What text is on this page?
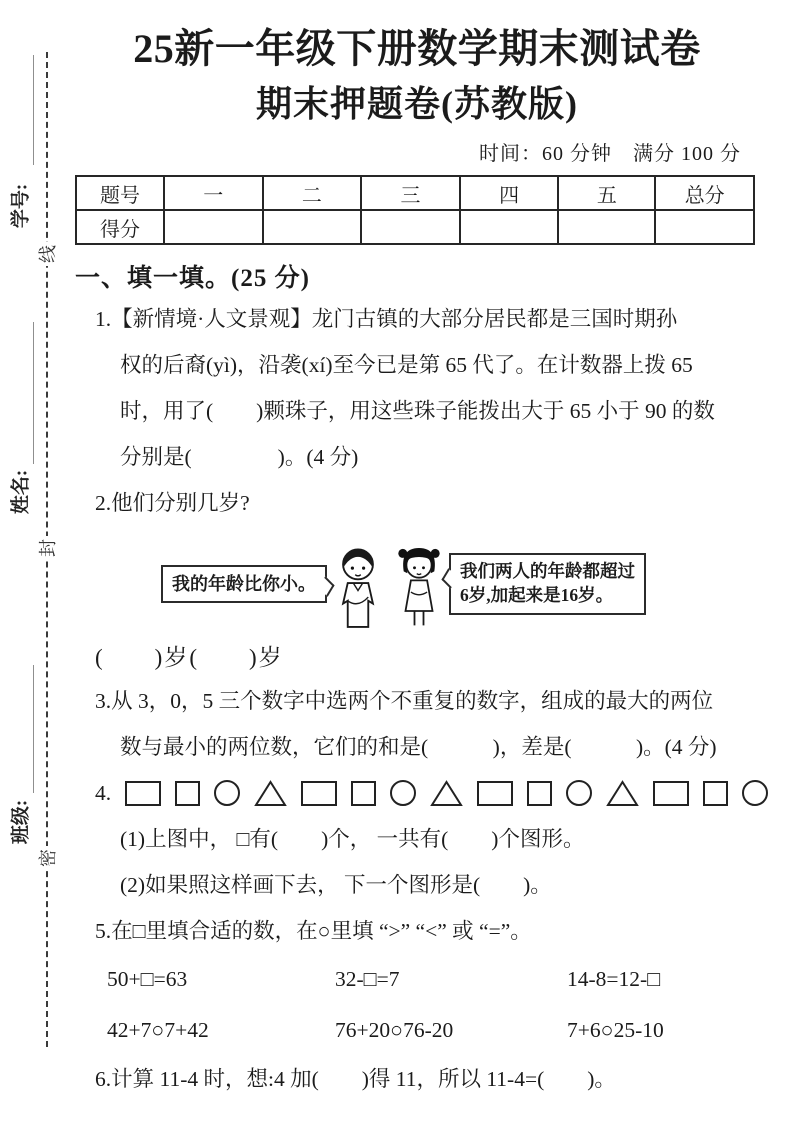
学号:
姓名:
班级:
线
封
密
25新一年级下册数学期末测试卷
期末押题卷(苏教版)
时间：60 分钟　满分 100 分
题号	一	二	三	四	五	总分
得分						
一、填一填。(25 分)

1.【新情境·人文景观】龙门古镇的大部分居民都是三国时期孙

权的后裔(yì)，沿袭(xí)至今已是第 65 代了。在计数器上拨 65

时，用了(　　)颗珠子，用这些珠子能拨出大于 65 小于 90 的数

分别是(　　　　)。(4 分)

2.他们分别几岁?

我的年龄比你小。
我们两人的年龄都超过
6岁,加起来是16岁。

(　　)岁(　　)岁

3.从 3，0，5 三个数字中选两个不重复的数字，组成的最大的两位

数与最小的两位数，它们的和是(　　　)，差是(　　　)。(4 分)

4.

(1)上图中， □有(　　)个， 一共有(　　)个图形。

(2)如果照这样画下去， 下一个图形是(　　)。

5.在□里填合适的数，在○里填 “>” “<” 或 “=”。

50+□=63	32-□=7	14-8=12-□
42+7○7+42	76+20○76-20	7+6○25-10

6.计算 11-4 时，想:4 加(　　)得 11，所以 11-4=(　　)。
